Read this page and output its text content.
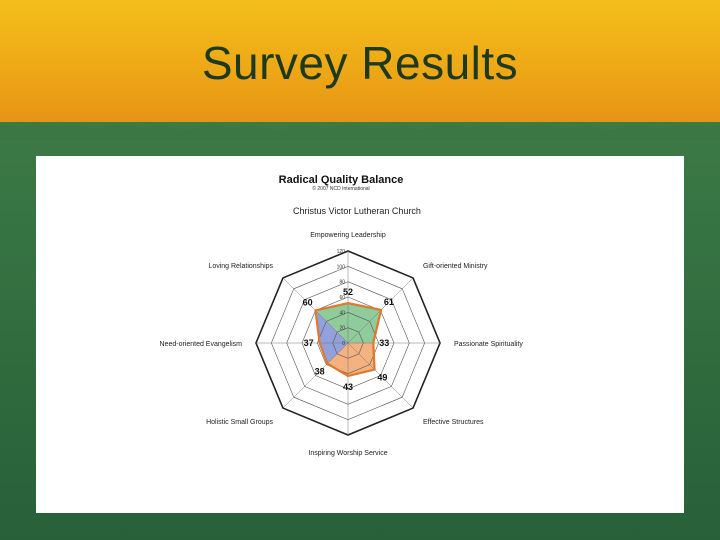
Survey Results
Radical Quality Balance
© 2007 NCD International
Christus Victor Lutheran Church
0
20
40
60
80
100
120
Empowering Leadership
Gift-oriented Ministry
Passionate Spirituality
Effective Structures
Inspiring Worship Service
Holistic Small Groups
Need-oriented Evangelism
Loving Relationships
52
61
33
49
43
38
37
60
